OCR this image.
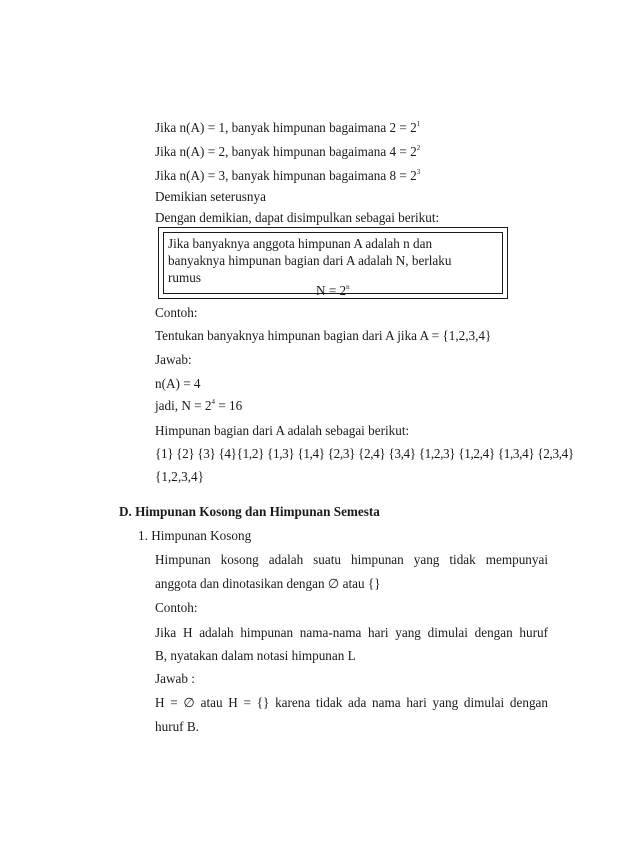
Jika n(A) = 1, banyak himpunan bagaimana $2 = 2^1$
Jika n(A) = 2, banyak himpunan bagaimana $4 = 2^2$
Jika n(A) = 3, banyak himpunan bagaimana $8 = 2^3$
Demikian seterusnya
Dengan demikian, dapat disimpulkan sebagai berikut:
Jika banyaknya anggota himpunan A adalah n dan
banyaknya himpunan bagian dari A adalah N, berlaku
rumus
$N = 2^n$
Contoh:
Tentukan banyaknya himpunan bagian dari A jika A = {1,2,3,4}
Jawab:
n(A) = 4
jadi, $N = 2^4 = 16$
Himpunan bagian dari A adalah sebagai berikut:
{1} {2} {3} {4}{1,2} {1,3} {1,4} {2,3} {2,4} {3,4} {1,2,3} {1,2,4} {1,3,4} {2,3,4}
{1,2,3,4}
D. Himpunan Kosong dan Himpunan Semesta
1. Himpunan Kosong
Himpunan kosong adalah suatu himpunan yang tidak mempunyai
anggota dan dinotasikan dengan ∅ atau {}
Contoh:
Jika H adalah himpunan nama-nama hari yang dimulai dengan huruf
B, nyatakan dalam notasi himpunan L
Jawab :
H = ∅ atau H = {} karena tidak ada nama hari yang dimulai dengan
huruf B.
